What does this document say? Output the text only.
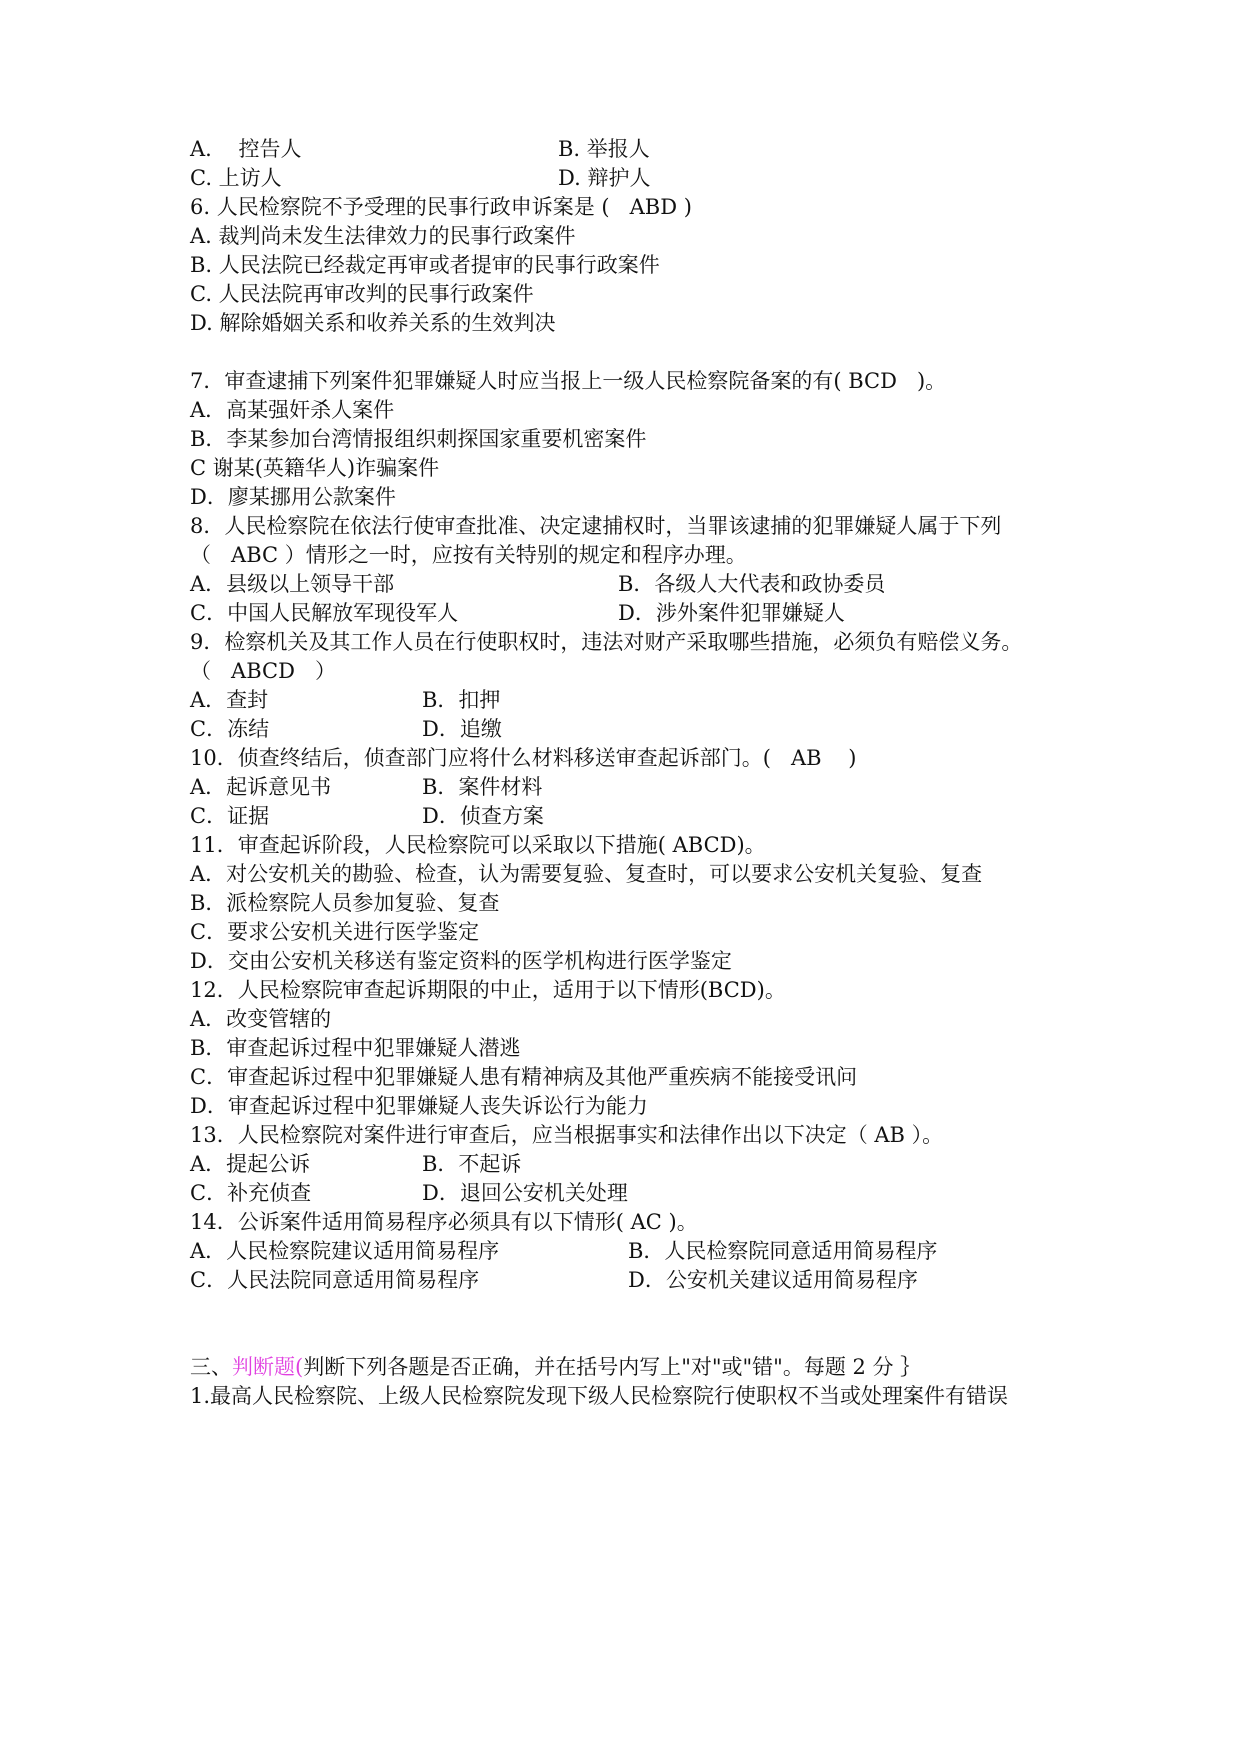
A.    控告人	B. 举报人
C. 上访人	D. 辩护人
6. 人民检察院不予受理的民事行政申诉案是 (   ABD )
A. 裁判尚未发生法律效力的民事行政案件
B. 人民法院已经裁定再审或者提审的民事行政案件
C. 人民法院再审改判的民事行政案件
D. 解除婚姻关系和收养关系的生效判决
7．审查逮捕下列案件犯罪嫌疑人时应当报上一级人民检察院备案的有( BCD   )。
A．高某强奸杀人案件
B．李某参加台湾情报组织刺探国家重要机密案件
C 谢某(英籍华人)诈骗案件
D．廖某挪用公款案件
8．人民检察院在依法行使审查批准、决定逮捕权时，当罪该逮捕的犯罪嫌疑人属于下列
（   ABC ）情形之一时，应按有关特别的规定和程序办理。
A．县级以上领导干部	B．各级人大代表和政协委员
C．中国人民解放军现役军人	D．涉外案件犯罪嫌疑人
9．检察机关及其工作人员在行使职权时，违法对财产采取哪些措施，必须负有赔偿义务。
（   ABCD   ）
A．查封	B．扣押
C．冻结	D．追缴
10．侦查终结后，侦查部门应将什么材料移送审查起诉部门。(   AB    )
A．起诉意见书	B．案件材料
C．证据	D．侦查方案
11．审查起诉阶段，人民检察院可以采取以下措施( ABCD)。
A．对公安机关的勘验、检查，认为需要复验、复查时，可以要求公安机关复验、复查
B．派检察院人员参加复验、复查
C．要求公安机关进行医学鉴定
D．交由公安机关移送有鉴定资料的医学机构进行医学鉴定
12．人民检察院审查起诉期限的中止，适用于以下情形(BCD)。
A．改变管辖的
B．审查起诉过程中犯罪嫌疑人潜逃
C．审查起诉过程中犯罪嫌疑人患有精神病及其他严重疾病不能接受讯问
D．审查起诉过程中犯罪嫌疑人丧失诉讼行为能力
13．人民检察院对案件进行审查后，应当根据事实和法律作出以下决定（ AB ）。
A．提起公诉	B．不起诉
C．补充侦查	D．退回公安机关处理
14．公诉案件适用简易程序必须具有以下情形( AC )。
A．人民检察院建议适用简易程序	B．人民检察院同意适用简易程序
C．人民法院同意适用简易程序	D．公安机关建议适用简易程序
三、判断题(判断下列各题是否正确，并在括号内写上"对"或"错"。每题 2 分 ｝
1.最高人民检察院、上级人民检察院发现下级人民检察院行使职权不当或处理案件有错误
